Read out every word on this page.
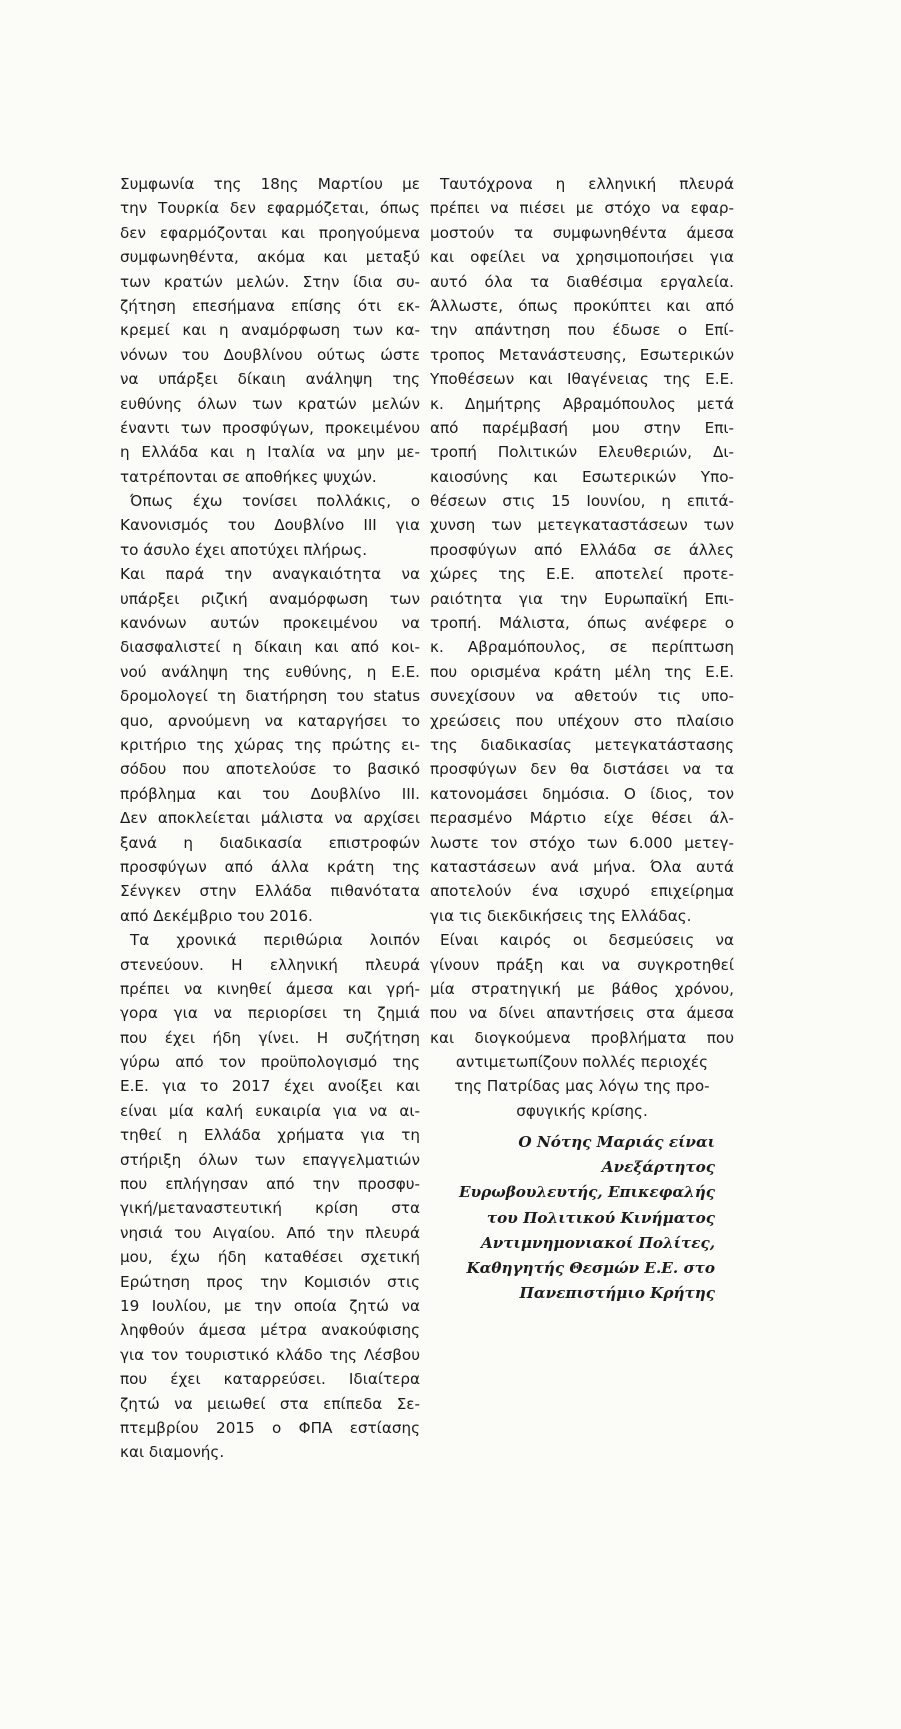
Συμφωνία της 18ης Μαρτίου με
την Τουρκία δεν εφαρμόζεται, όπως
δεν εφαρμόζονται και προηγούμενα
συμφωνηθέντα, ακόμα και μεταξύ
των κρατών μελών. Στην ίδια συ-
ζήτηση επεσήμανα επίσης ότι εκ-
κρεμεί και η αναμόρφωση των κα-
νόνων του Δουβλίνου ούτως ώστε
να υπάρξει δίκαιη ανάληψη της
ευθύνης όλων των κρατών μελών
έναντι των προσφύγων, προκειμένου
η Ελλάδα και η Ιταλία να μην με-
τατρέπονται σε αποθήκες ψυχών.
Όπως έχω τονίσει πολλάκις, ο
Κανονισμός του Δουβλίνο ΙΙΙ για
το άσυλο έχει αποτύχει πλήρως.
Και παρά την αναγκαιότητα να
υπάρξει ριζική αναμόρφωση των
κανόνων αυτών προκειμένου να
διασφαλιστεί η δίκαιη και από κοι-
νού ανάληψη της ευθύνης, η Ε.Ε.
δρομολογεί τη διατήρηση του status
quo, αρνούμενη να καταργήσει το
κριτήριο της χώρας της πρώτης ει-
σόδου που αποτελούσε το βασικό
πρόβλημα και του Δουβλίνο ΙΙΙ.
Δεν αποκλείεται μάλιστα να αρχίσει
ξανά η διαδικασία επιστροφών
προσφύγων από άλλα κράτη της
Σένγκεν στην Ελλάδα πιθανότατα
από Δεκέμβριο του 2016.
Τα χρονικά περιθώρια λοιπόν
στενεύουν. Η ελληνική πλευρά
πρέπει να κινηθεί άμεσα και γρή-
γορα για να περιορίσει τη ζημιά
που έχει ήδη γίνει. Η συζήτηση
γύρω από τον προϋπολογισμό της
Ε.Ε. για το 2017 έχει ανοίξει και
είναι μία καλή ευκαιρία για να αι-
τηθεί η Ελλάδα χρήματα για τη
στήριξη όλων των επαγγελματιών
που επλήγησαν από την προσφυ-
γική/μεταναστευτική κρίση στα
νησιά του Αιγαίου. Από την πλευρά
μου, έχω ήδη καταθέσει σχετική
Ερώτηση προς την Κομισιόν στις
19 Ιουλίου, με την οποία ζητώ να
ληφθούν άμεσα μέτρα ανακούφισης
για τον τουριστικό κλάδο της Λέσβου
που έχει καταρρεύσει. Ιδιαίτερα
ζητώ να μειωθεί στα επίπεδα Σε-
πτεμβρίου 2015 ο ΦΠΑ εστίασης
και διαμονής.
Ταυτόχρονα η ελληνική πλευρά
πρέπει να πιέσει με στόχο να εφαρ-
μοστούν τα συμφωνηθέντα άμεσα
και οφείλει να χρησιμοποιήσει για
αυτό όλα τα διαθέσιμα εργαλεία.
Άλλωστε, όπως προκύπτει και από
την απάντηση που έδωσε ο Επί-
τροπος Μετανάστευσης, Εσωτερικών
Υποθέσεων και Ιθαγένειας της Ε.Ε.
κ. Δημήτρης Αβραμόπουλος μετά
από παρέμβασή μου στην Επι-
τροπή Πολιτικών Ελευθεριών, Δι-
καιοσύνης και Εσωτερικών Υπο-
θέσεων στις 15 Ιουνίου, η επιτά-
χυνση των μετεγκαταστάσεων των
προσφύγων από Ελλάδα σε άλλες
χώρες της Ε.Ε. αποτελεί προτε-
ραιότητα για την Ευρωπαϊκή Επι-
τροπή. Μάλιστα, όπως ανέφερε ο
κ. Αβραμόπουλος, σε περίπτωση
που ορισμένα κράτη μέλη της Ε.Ε.
συνεχίσουν να αθετούν τις υπο-
χρεώσεις που υπέχουν στο πλαίσιο
της διαδικασίας μετεγκατάστασης
προσφύγων δεν θα διστάσει να τα
κατονομάσει δημόσια. Ο ίδιος, τον
περασμένο Μάρτιο είχε θέσει άλ-
λωστε τον στόχο των 6.000 μετεγ-
καταστάσεων ανά μήνα. Όλα αυτά
αποτελούν ένα ισχυρό επιχείρημα
για τις διεκδικήσεις της Ελλάδας.
Είναι καιρός οι δεσμεύσεις να
γίνουν πράξη και να συγκροτηθεί
μία στρατηγική με βάθος χρόνου,
που να δίνει απαντήσεις στα άμεσα
και διογκούμενα προβλήματα που
αντιμετωπίζουν πολλές περιοχές
της Πατρίδας μας λόγω της προ-
σφυγικής κρίσης.
Ο Νότης Μαριάς είναι
Ανεξάρτητος
Ευρωβουλευτής, Επικεφαλής
του Πολιτικού Κινήματος
Αντιμνημονιακοί Πολίτες,
Καθηγητής Θεσμών Ε.Ε. στο
Πανεπιστήμιο Κρήτης
